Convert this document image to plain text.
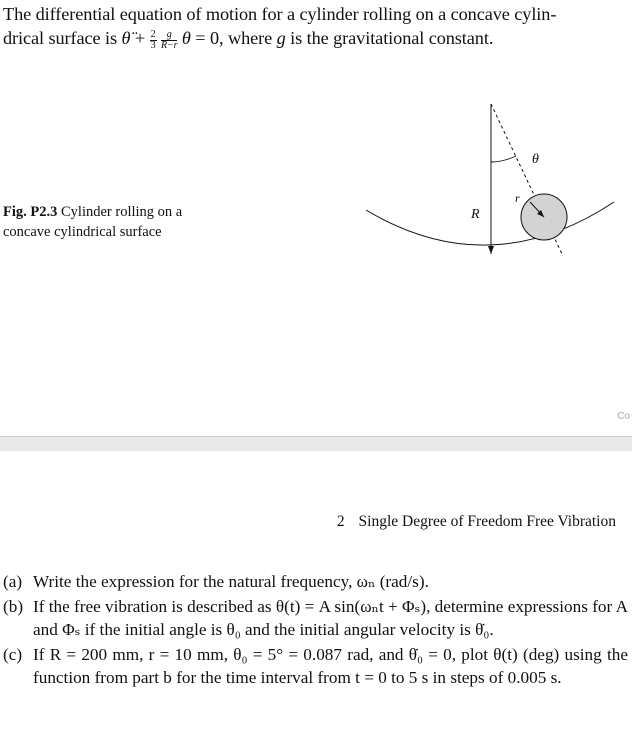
The differential equation of motion for a cylinder rolling on a concave cylin-
drical surface is θ̈ + $\frac{2}{3}$
$\frac{g}{R-r}$ θ = 0, where g is the gravitational constant.
Fig. P2.3 Cylinder rolling on a concave cylindrical surface
θ
R
r
Co
2 Single Degree of Freedom Free Vibration
(a) Write the expression for the natural frequency, ωₙ (rad/s).
(b) If the free vibration is described as θ(t) = A sin(ωₙt + Φₛ), determine expressions for A and Φₛ if the initial angle is θ₀ and the initial angular velocity is θ̇₀.
(c) If R = 200 mm, r = 10 mm, θ₀ = 5° = 0.087 rad, and θ̇₀ = 0, plot θ(t) (deg) using the function from part b for the time interval from t = 0 to 5 s in steps of 0.005 s.
